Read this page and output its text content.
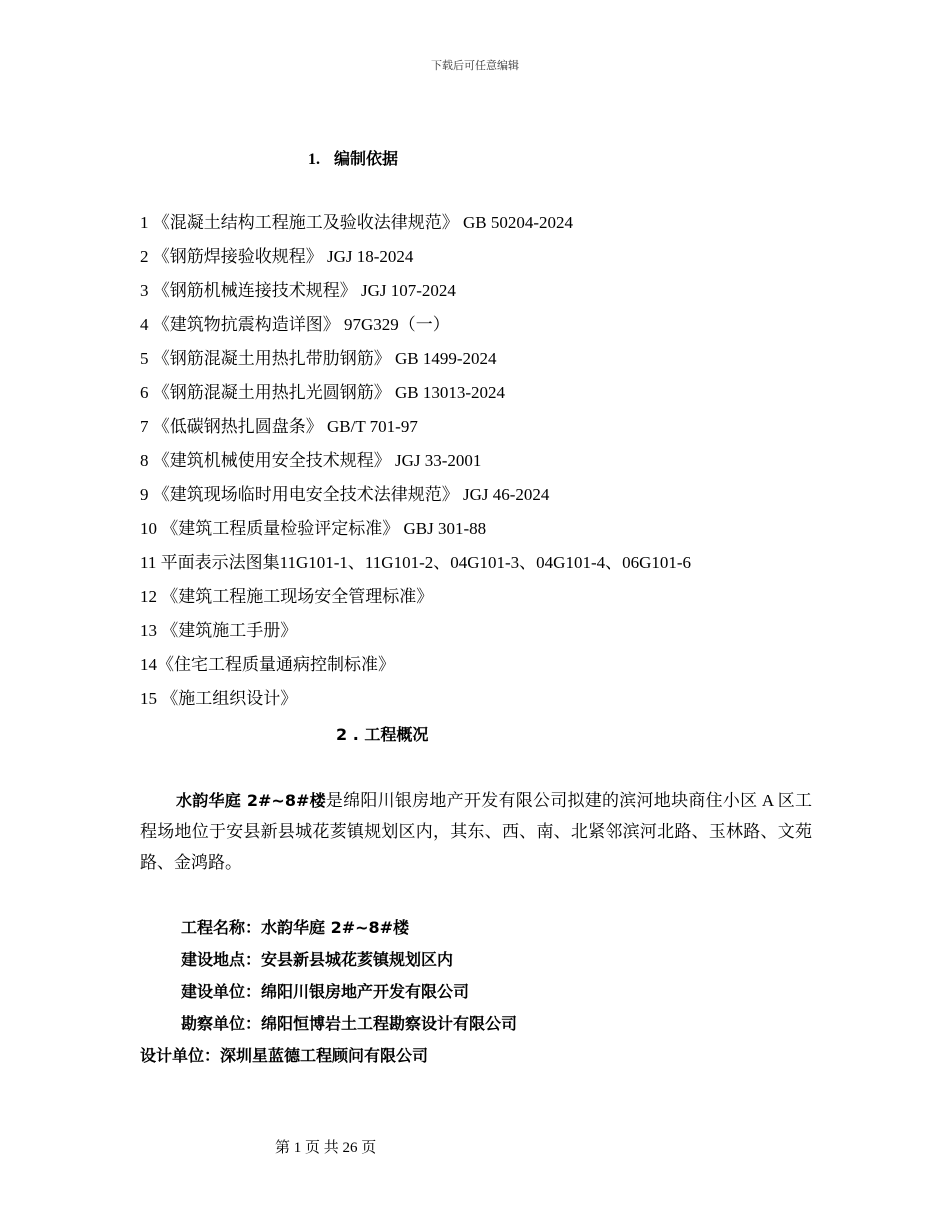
下载后可任意编辑
1. 编制依据
1 《混凝土结构工程施工及验收法律规范》 GB 50204-2024
2 《钢筋焊接验收规程》 JGJ 18-2024
3 《钢筋机械连接技术规程》 JGJ 107-2024
4 《建筑物抗震构造详图》 97G329（一）
5 《钢筋混凝土用热扎带肋钢筋》 GB 1499-2024
6 《钢筋混凝土用热扎光圆钢筋》 GB 13013-2024
7 《低碳钢热扎圆盘条》 GB/T 701-97
8 《建筑机械使用安全技术规程》 JGJ 33-2001
9 《建筑现场临时用电安全技术法律规范》 JGJ 46-2024
10 《建筑工程质量检验评定标准》 GBJ 301-88
11 平面表示法图集11G101-1、11G101-2、04G101-3、04G101-4、06G101-6
12 《建筑工程施工现场安全管理标准》
13 《建筑施工手册》
14《住宅工程质量通病控制标准》
15 《施工组织设计》
2 . 工程概况
水韵华庭 2#~8#楼是绵阳川银房地产开发有限公司拟建的滨河地块商住小区 A 区工程场地位于安县新县城花荄镇规划区内，其东、西、南、北紧邻滨河北路、玉林路、文苑路、金鸿路。
工程名称：水韵华庭 2#~8#楼
建设地点：安县新县城花荄镇规划区内
建设单位：绵阳川银房地产开发有限公司
勘察单位：绵阳恒博岩土工程勘察设计有限公司
设计单位：深圳星蓝德工程顾问有限公司
第 1 页 共 26 页
